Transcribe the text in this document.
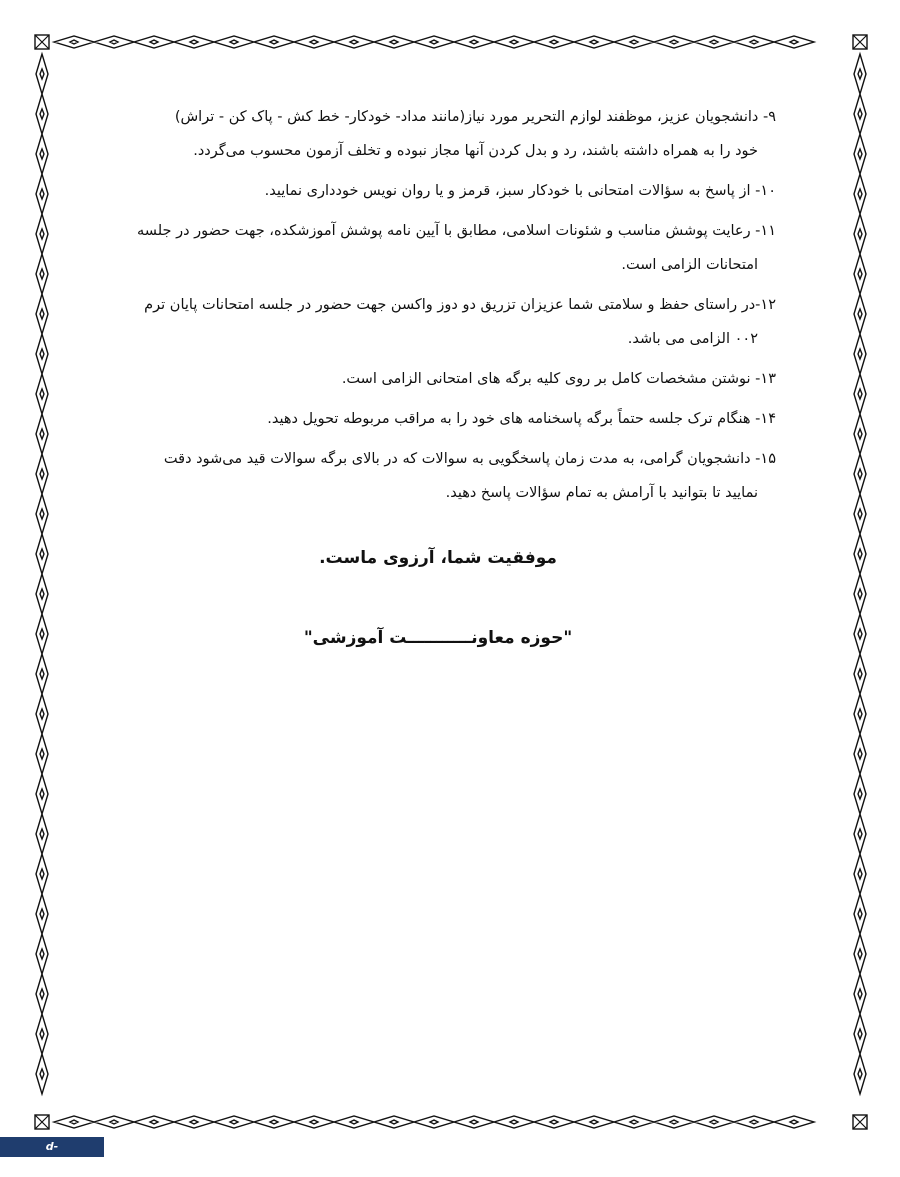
۹- دانشجویان عزیز، موظفند لوازم التحریر مورد نیاز(مانند مداد- خودکار- خط کش - پاک کن - تراش)
خود را به همراه داشته باشند، رد و بدل کردن آنها مجاز نبوده و تخلف آزمون محسوب می‌گردد.
۱۰- از پاسخ به سؤالات امتحانی با خودکار سبز، قرمز و یا روان نویس خودداری نمایید.
۱۱- رعایت پوشش مناسب و شئونات اسلامی، مطابق با آیین نامه پوشش آموزشکده، جهت حضور در جلسه
امتحانات الزامی است.
۱۲-در راستای حفظ و سلامتی شما عزیزان تزریق دو دوز واکسن جهت حضور در جلسه امتحانات پایان ترم
۰۰۲ الزامی می باشد.
۱۳- نوشتن مشخصات کامل بر روی کلیه برگه های امتحانی الزامی است.
۱۴- هنگام ترک جلسه حتماً برگه پاسخنامه های خود را به مراقب مربوطه تحویل دهید.
۱۵- دانشجویان گرامی، به مدت زمان پاسخگویی به سوالات که در بالای برگه سوالات قید می‌شود دقت
نمایید تا بتوانید با آرامش به تمام سؤالات پاسخ دهید.
موفقیت شما، آرزوی ماست.
"حوزه معاونـــــــــــت آموزشی"
d-babol.nus.ac.ir
